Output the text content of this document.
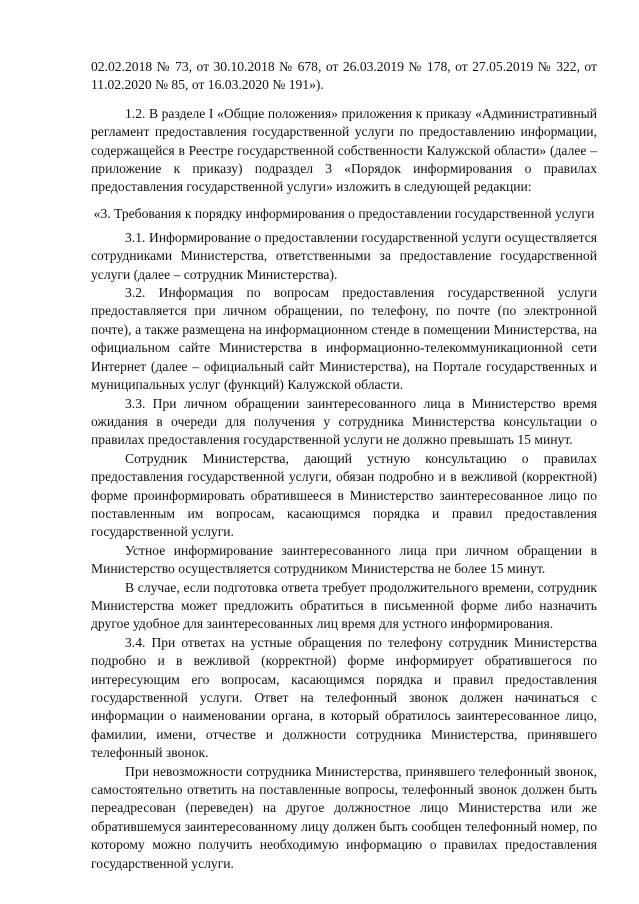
02.02.2018 № 73, от 30.10.2018 № 678, от 26.03.2019 № 178, от 27.05.2019 № 322, от 11.02.2020 № 85, от 16.03.2020 № 191»).

1.2. В разделе I «Общие положения» приложения к приказу «Административный регламент предоставления государственной услуги по предоставлению информации, содержащейся в Реестре государственной собственности Калужской области» (далее – приложение к приказу) подраздел 3 «Порядок информирования о правилах предоставления государственной услуги» изложить в следующей редакции:

«3. Требования к порядку информирования о предоставлении государственной услуги

3.1. Информирование о предоставлении государственной услуги осуществляется сотрудниками Министерства, ответственными за предоставление государственной услуги (далее – сотрудник Министерства).

3.2. Информация по вопросам предоставления государственной услуги предоставляется при личном обращении, по телефону, по почте (по электронной почте), а также размещена на информационном стенде в помещении Министерства, на официальном сайте Министерства в информационно-телекоммуникационной сети Интернет (далее – официальный сайт Министерства), на Портале государственных и муниципальных услуг (функций) Калужской области.

3.3. При личном обращении заинтересованного лица в Министерство время ожидания в очереди для получения у сотрудника Министерства консультации о правилах предоставления государственной услуги не должно превышать 15 минут.

Сотрудник Министерства, дающий устную консультацию о правилах предоставления государственной услуги, обязан подробно и в вежливой (корректной) форме проинформировать обратившееся в Министерство заинтересованное лицо по поставленным им вопросам, касающимся порядка и правил предоставления государственной услуги.

Устное информирование заинтересованного лица при личном обращении в Министерство осуществляется сотрудником Министерства не более 15 минут.

В случае, если подготовка ответа требует продолжительного времени, сотрудник Министерства может предложить обратиться в письменной форме либо назначить другое удобное для заинтересованных лиц время для устного информирования.

3.4. При ответах на устные обращения по телефону сотрудник Министерства подробно и в вежливой (корректной) форме информирует обратившегося по интересующим его вопросам, касающимся порядка и правил предоставления государственной услуги. Ответ на телефонный звонок должен начинаться с информации о наименовании органа, в который обратилось заинтересованное лицо, фамилии, имени, отчестве и должности сотрудника Министерства, принявшего телефонный звонок.

При невозможности сотрудника Министерства, принявшего телефонный звонок, самостоятельно ответить на поставленные вопросы, телефонный звонок должен быть переадресован (переведен) на другое должностное лицо Министерства или же обратившемуся заинтересованному лицу должен быть сообщен телефонный номер, по которому можно получить необходимую информацию о правилах предоставления государственной услуги.
